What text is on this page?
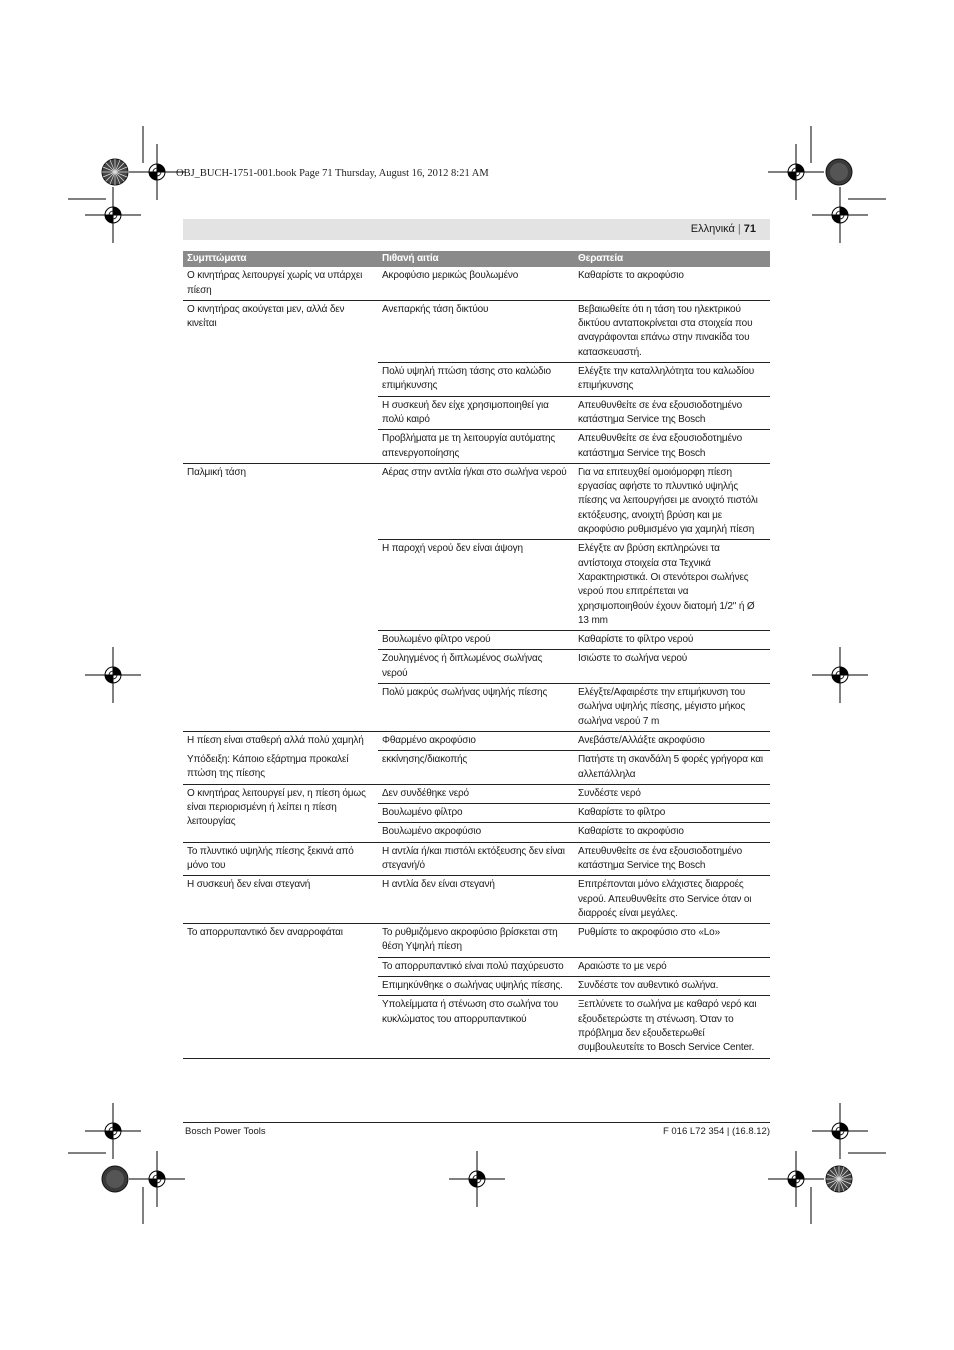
OBJ_BUCH-1751-001.book Page 71 Thursday, August 16, 2012 8:21 AM
Ελληνικά | 71
Συμπτώματα	Πιθανή αιτία	Θεραπεία
Ο κινητήρας λειτουργεί χωρίς να υπάρχει πίεση	Ακροφύσιο μερικώς βουλωμένο	Καθαρίστε το ακροφύσιο
Ο κινητήρας ακούγεται μεν, αλλά δεν κινείται	Ανεπαρκής τάση δικτύου	Βεβαιωθείτε ότι η τάση του ηλεκτρικού δικτύου ανταποκρίνεται στα στοιχεία που αναγράφονται επάνω στην πινακίδα του κατασκευαστή.
	Πολύ υψηλή πτώση τάσης στο καλώδιο επιμήκυνσης	Ελέγξτε την καταλληλότητα του καλωδίου επιμήκυνσης
	Η συσκευή δεν είχε χρησιμοποιηθεί για πολύ καιρό	Απευθυνθείτε σε ένα εξουσιοδοτημένο κατάστημα Service της Bosch
	Προβλήματα με τη λειτουργία αυτόματης απενεργοποίησης	Απευθυνθείτε σε ένα εξουσιοδοτημένο κατάστημα Service της Bosch
Παλμική τάση	Αέρας στην αντλία ή/και στο σωλήνα νερού	Για να επιτευχθεί ομοιόμορφη πίεση εργασίας αφήστε το πλυντικό υψηλής πίεσης να λειτουργήσει με ανοιχτό πιστόλι εκτόξευσης, ανοιχτή βρύση και με ακροφύσιο ρυθμισμένο για χαμηλή πίεση
	Η παροχή νερού δεν είναι άψογη	Ελέγξτε αν βρύση εκπληρώνει τα αντίστοιχα στοιχεία στα Τεχνικά Χαρακτηριστικά. Οι στενότεροι σωλήνες νερού που επιτρέπεται να χρησιμοποιηθούν έχουν διατομή 1/2" ή Ø 13 mm
	Βουλωμένο φίλτρο νερού	Καθαρίστε το φίλτρο νερού
	Ζουληγμένος ή διπλωμένος σωλήνας νερού	Ισιώστε το σωλήνα νερού
	Πολύ μακρύς σωλήνας υψηλής πίεσης	Ελέγξτε/Αφαιρέστε την επιμήκυνση του σωλήνα υψηλής πίεσης, μέγιστο μήκος σωλήνα νερού 7 m
Η πίεση είναι σταθερή αλλά πολύ χαμηλή	Φθαρμένο ακροφύσιο	Ανεβάστε/Αλλάξτε ακροφύσιο
Υπόδειξη: Κάποιο εξάρτημα προκαλεί πτώση της πίεσης	εκκίνησης/διακοπής	Πατήστε τη σκανδάλη 5 φορές γρήγορα και αλλεπάλληλα
Ο κινητήρας λειτουργεί μεν, η πίεση όμως είναι περιορισμένη ή λείπει η πίεση λειτουργίας	Δεν συνδέθηκε νερό	Συνδέστε νερό
	Βουλωμένο φίλτρο	Καθαρίστε το φίλτρο
	Βουλωμένο ακροφύσιο	Καθαρίστε το ακροφύσιο
Το πλυντικό υψηλής πίεσης ξεκινά από μόνο του	Η αντλία ή/και πιστόλι εκτόξευσης δεν είναι στεγανή/ό	Απευθυνθείτε σε ένα εξουσιοδοτημένο κατάστημα Service της Bosch
Η συσκευή δεν είναι στεγανή	Η αντλία δεν είναι στεγανή	Επιτρέπονται μόνο ελάχιστες διαρροές νερού. Απευθυνθείτε στο Service όταν οι διαρροές είναι μεγάλες.
Το απορρυπαντικό δεν αναρροφάται	Το ρυθμιζόμενο ακροφύσιο βρίσκεται στη θέση Υψηλή πίεση	Ρυθμίστε το ακροφύσιο στο «Lo»
	Το απορρυπαντικό είναι πολύ παχύρευστο	Αραιώστε το με νερό
	Επιμηκύνθηκε ο σωλήνας υψηλής πίεσης.	Συνδέστε τον αυθεντικό σωλήνα.
	Υπολείμματα ή στένωση στο σωλήνα του κυκλώματος του απορρυπαντικού	Ξεπλύνετε το σωλήνα με καθαρό νερό και εξουδετερώστε τη στένωση. Όταν το πρόβλημα δεν εξουδετερωθεί συμβουλευτείτε το Bosch Service Center.
Bosch Power Tools	F 016 L72 354 | (16.8.12)
